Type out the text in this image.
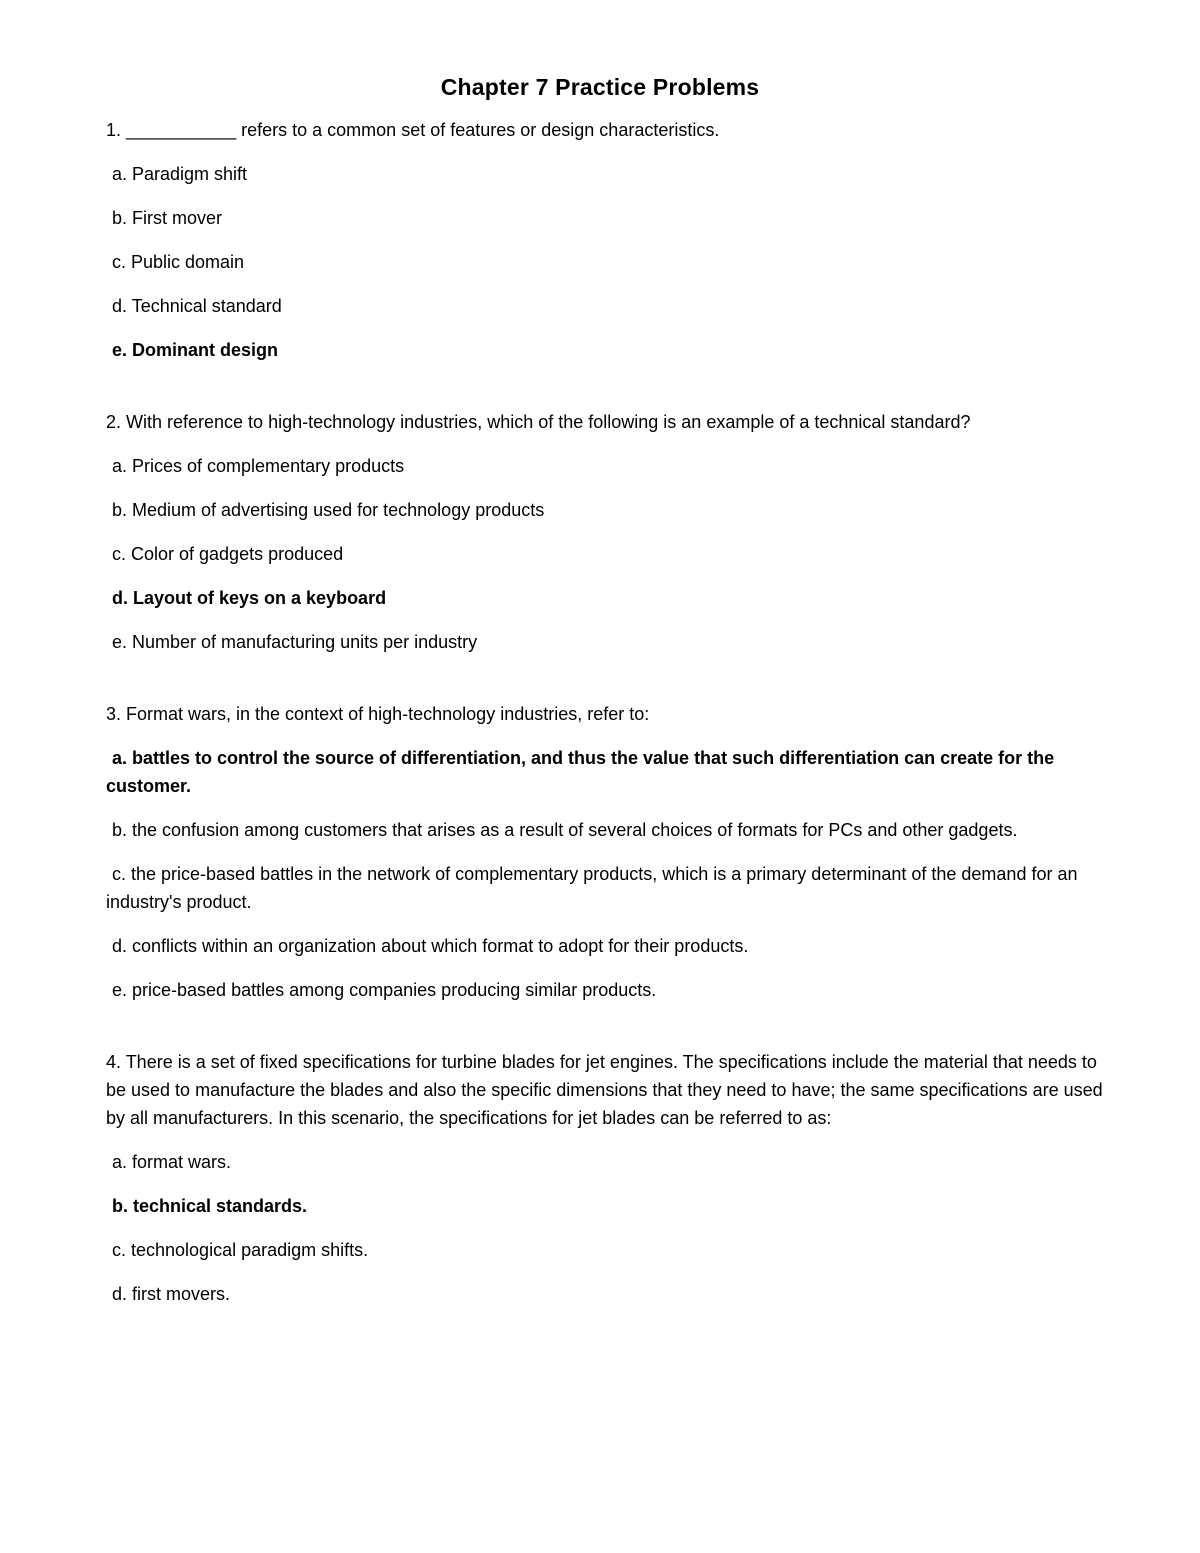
Chapter 7 Practice Problems
1. ___________ refers to a common set of features or design characteristics.
a. Paradigm shift
b. First mover
c. Public domain
d. Technical standard
e. Dominant design
2. With reference to high-technology industries, which of the following is an example of a technical standard?
a. Prices of complementary products
b. Medium of advertising used for technology products
c. Color of gadgets produced
d. Layout of keys on a keyboard
e. Number of manufacturing units per industry
3. Format wars, in the context of high-technology industries, refer to:
a. battles to control the source of differentiation, and thus the value that such differentiation can create for the customer.
b. the confusion among customers that arises as a result of several choices of formats for PCs and other gadgets.
c. the price-based battles in the network of complementary products, which is a primary determinant of the demand for an industry's product.
d. conflicts within an organization about which format to adopt for their products.
e. price-based battles among companies producing similar products.
4. There is a set of fixed specifications for turbine blades for jet engines. The specifications include the material that needs to be used to manufacture the blades and also the specific dimensions that they need to have; the same specifications are used by all manufacturers. In this scenario, the specifications for jet blades can be referred to as:
a. format wars.
b. technical standards.
c. technological paradigm shifts.
d. first movers.
